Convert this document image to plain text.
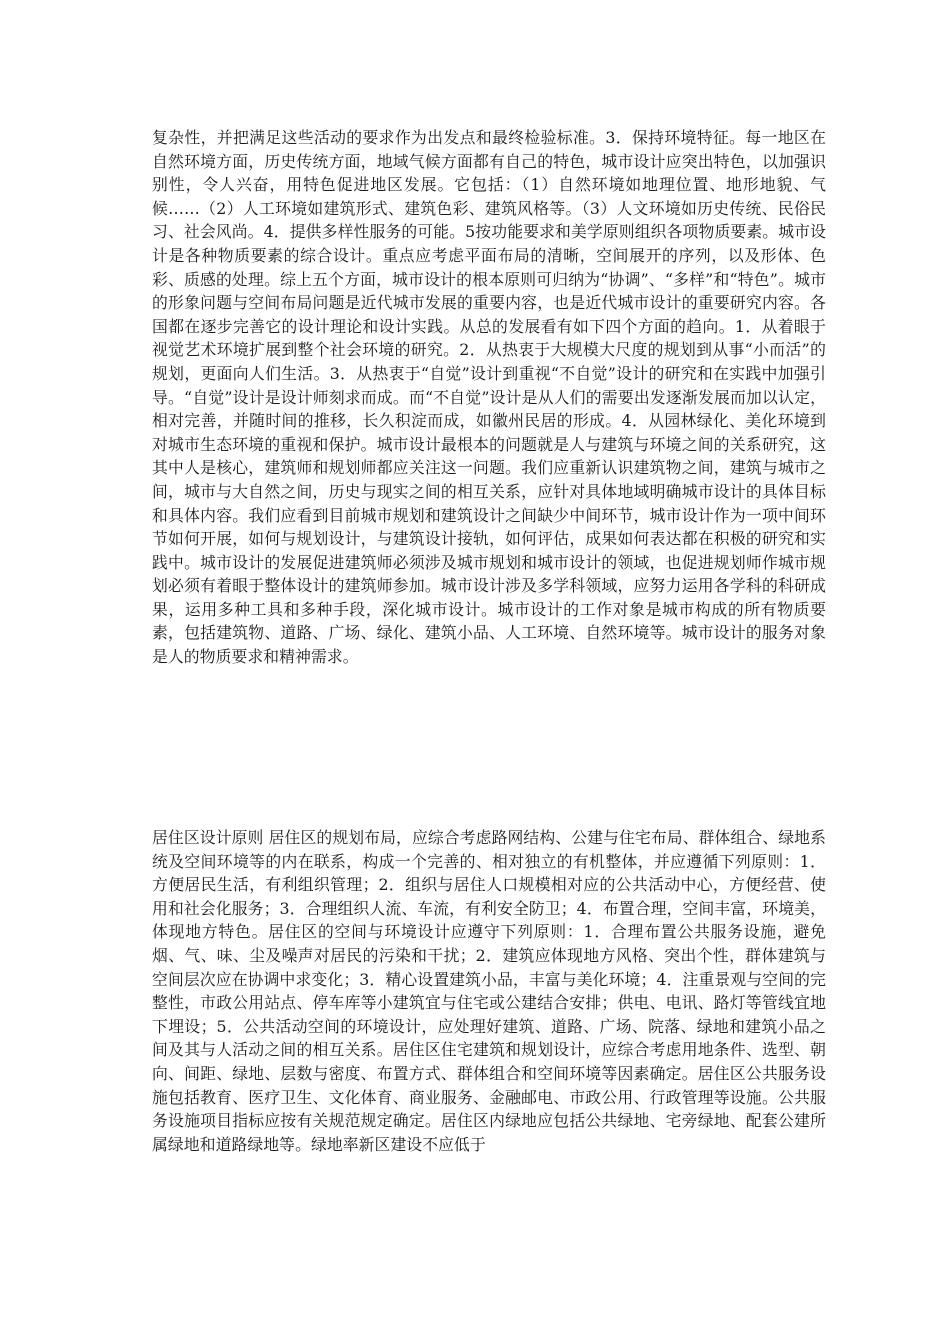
复杂性，并把满足这些活动的要求作为出发点和最终检验标准。3．保持环境特征。每一地区在自然环境方面，历史传统方面，地域气候方面都有自己的特色，城市设计应突出特色，以加强识别性，令人兴奋，用特色促进地区发展。它包括：（1）自然环境如地理位置、地形地貌、气候……（2）人工环境如建筑形式、建筑色彩、建筑风格等。（3）人文环境如历史传统、民俗民习、社会风尚。4．提供多样性服务的可能。5按功能要求和美学原则组织各项物质要素。城市设计是各种物质要素的综合设计。重点应考虑平面布局的清晰，空间展开的序列，以及形体、色彩、质感的处理。综上五个方面，城市设计的根本原则可归纳为“协调”、“多样”和“特色”。城市的形象问题与空间布局问题是近代城市发展的重要内容，也是近代城市设计的重要研究内容。各国都在逐步完善它的设计理论和设计实践。从总的发展看有如下四个方面的趋向。1．从着眼于视觉艺术环境扩展到整个社会环境的研究。2．从热衷于大规模大尺度的规划到从事“小而活”的规划，更面向人们生活。3．从热衷于“自觉”设计到重视“不自觉”设计的研究和在实践中加强引导。“自觉”设计是设计师刻求而成。而“不自觉”设计是从人们的需要出发逐渐发展而加以认定，相对完善，并随时间的推移，长久积淀而成，如徽州民居的形成。4．从园林绿化、美化环境到对城市生态环境的重视和保护。城市设计最根本的问题就是人与建筑与环境之间的关系研究，这其中人是核心，建筑师和规划师都应关注这一问题。我们应重新认识建筑物之间，建筑与城市之间，城市与大自然之间，历史与现实之间的相互关系，应针对具体地域明确城市设计的具体目标和具体内容。我们应看到目前城市规划和建筑设计之间缺少中间环节，城市设计作为一项中间环节如何开展，如何与规划设计，与建筑设计接轨，如何评估，成果如何表达都在积极的研究和实践中。城市设计的发展促进建筑师必须涉及城市规划和城市设计的领域，也促进规划师作城市规划必须有着眼于整体设计的建筑师参加。城市设计涉及多学科领域，应努力运用各学科的科研成果，运用多种工具和多种手段，深化城市设计。城市设计的工作对象是城市构成的所有物质要素，包括建筑物、道路、广场、绿化、建筑小品、人工环境、自然环境等。城市设计的服务对象是人的物质要求和精神需求。

居住区设计原则 居住区的规划布局，应综合考虑路网结构、公建与住宅布局、群体组合、绿地系统及空间环境等的内在联系，构成一个完善的、相对独立的有机整体，并应遵循下列原则：1．方便居民生活，有利组织管理；2．组织与居住人口规模相对应的公共活动中心，方便经营、使用和社会化服务；3．合理组织人流、车流，有利安全防卫；4．布置合理，空间丰富，环境美，体现地方特色。居住区的空间与环境设计应遵守下列原则：1．合理布置公共服务设施，避免烟、气、味、尘及噪声对居民的污染和干扰；2．建筑应体现地方风格、突出个性，群体建筑与空间层次应在协调中求变化；3．精心设置建筑小品，丰富与美化环境；4．注重景观与空间的完整性，市政公用站点、停车库等小建筑宜与住宅或公建结合安排；供电、电讯、路灯等管线宜地下埋设；5．公共活动空间的环境设计，应处理好建筑、道路、广场、院落、绿地和建筑小品之间及其与人活动之间的相互关系。居住区住宅建筑和规划设计，应综合考虑用地条件、选型、朝向、间距、绿地、层数与密度、布置方式、群体组合和空间环境等因素确定。居住区公共服务设施包括教育、医疗卫生、文化体育、商业服务、金融邮电、市政公用、行政管理等设施。公共服务设施项目指标应按有关规范规定确定。居住区内绿地应包括公共绿地、宅旁绿地、配套公建所属绿地和道路绿地等。绿地率新区建设不应低于
